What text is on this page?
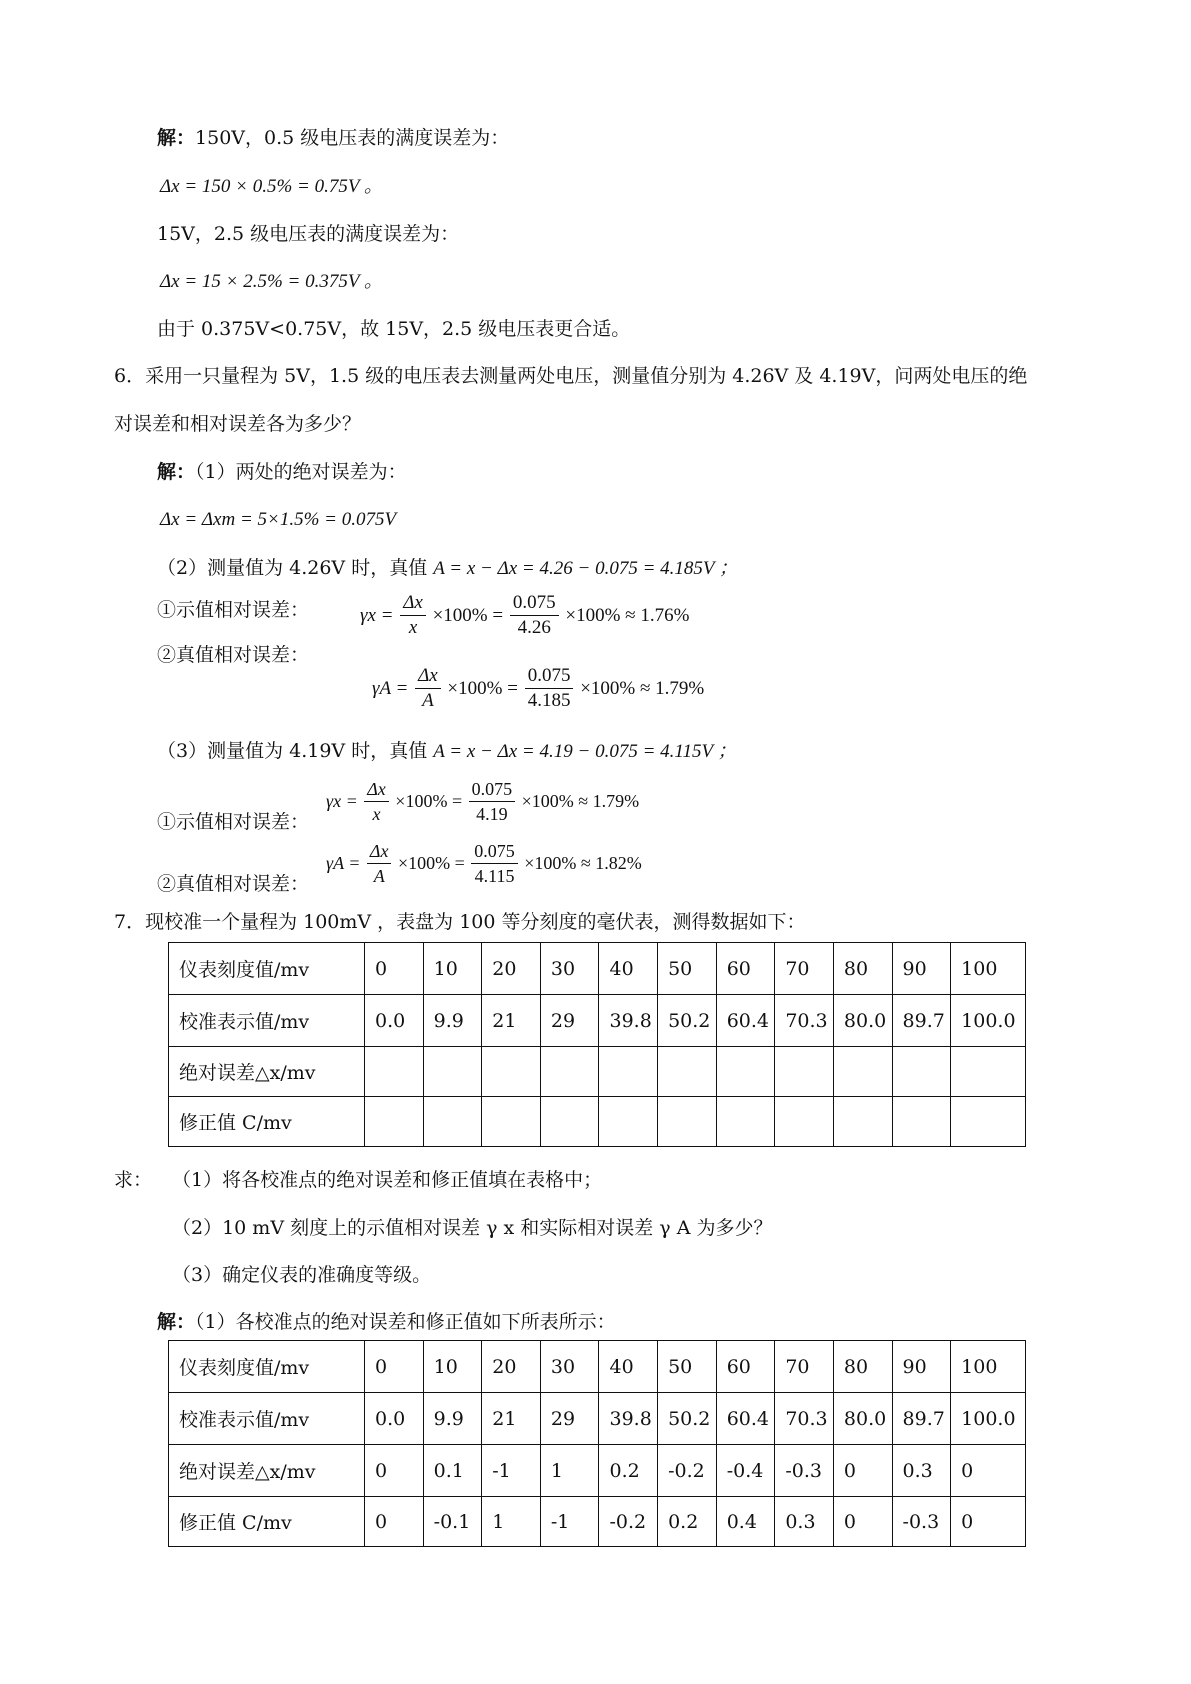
解：150V，0.5 级电压表的满度误差为：
Δx = 150 × 0.5% = 0.75V 。
15V，2.5 级电压表的满度误差为：
Δx = 15 × 2.5% = 0.375V 。
由于 0.375V<0.75V，故 15V，2.5 级电压表更合适。
6．采用一只量程为 5V，1.5 级的电压表去测量两处电压，测量值分别为 4.26V 及 4.19V，问两处电压的绝
对误差和相对误差各为多少？
解：（1）两处的绝对误差为：
Δx = Δxm = 5×1.5% = 0.075V
（2）测量值为 4.26V 时，真值 A = x − Δx = 4.26 − 0.075 = 4.185V ；
①示值相对误差：	$\gamma x = \frac{\Delta x}{x} \times 100\% = \frac{0.075}{4.26} \times 100\% \approx 1.76\%$
②真值相对误差：
$\gamma A = \frac{\Delta x}{A} \times 100\% = \frac{0.075}{4.185} \times 100\% \approx 1.79\%$
（3）测量值为 4.19V 时，真值 A = x − Δx = 4.19 − 0.075 = 4.115V ；
$\gamma x = \frac{\Delta x}{x} \times 100\% = \frac{0.075}{4.19} \times 100\% \approx 1.79\%$
①示值相对误差：
$\gamma A = \frac{\Delta x}{A} \times 100\% = \frac{0.075}{4.115} \times 100\% \approx 1.82\%$
②真值相对误差：
7．现校准一个量程为 100mV ，表盘为 100 等分刻度的毫伏表，测得数据如下：
仪表刻度值/mv	0	10	20	30	40	50	60	70	80	90	100
校准表示值/mv	0.0	9.9	21	29	39.8	50.2	60.4	70.3	80.0	89.7	100.0
绝对误差△x/mv											
修正值 C/mv											
求： （1）将各校准点的绝对误差和修正值填在表格中；
（2）10 mV 刻度上的示值相对误差 γ x 和实际相对误差 γ A 为多少？
（3）确定仪表的准确度等级。
解：（1）各校准点的绝对误差和修正值如下所表所示：
仪表刻度值/mv	0	10	20	30	40	50	60	70	80	90	100
校准表示值/mv	0.0	9.9	21	29	39.8	50.2	60.4	70.3	80.0	89.7	100.0
绝对误差△x/mv	0	0.1	-1	1	0.2	-0.2	-0.4	-0.3	0	0.3	0
修正值 C/mv	0	-0.1	1	-1	-0.2	0.2	0.4	0.3	0	-0.3	0
